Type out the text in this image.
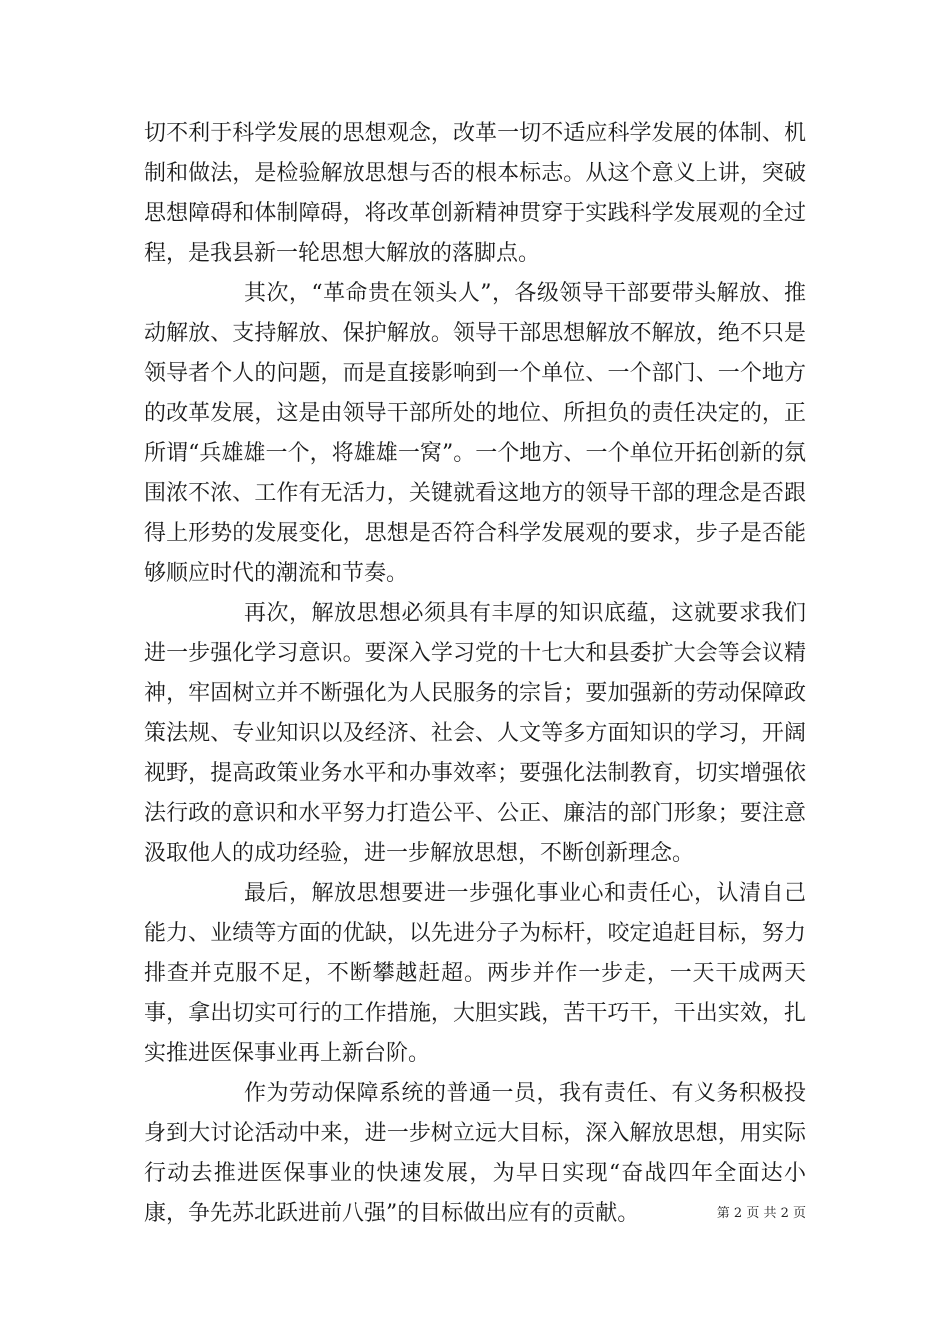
切不利于科学发展的思想观念，改革一切不适应科学发展的体制、机制和做法，是检验解放思想与否的根本标志。从这个意义上讲，突破思想障碍和体制障碍，将改革创新精神贯穿于实践科学发展观的全过程，是我县新一轮思想大解放的落脚点。

其次，“革命贵在领头人”，各级领导干部要带头解放、推动解放、支持解放、保护解放。领导干部思想解放不解放，绝不只是领导者个人的问题，而是直接影响到一个单位、一个部门、一个地方的改革发展，这是由领导干部所处的地位、所担负的责任决定的，正所谓“兵雄雄一个，将雄雄一窝”。一个地方、一个单位开拓创新的氛围浓不浓、工作有无活力，关键就看这地方的领导干部的理念是否跟得上形势的发展变化，思想是否符合科学发展观的要求，步子是否能够顺应时代的潮流和节奏。

再次，解放思想必须具有丰厚的知识底蕴，这就要求我们进一步强化学习意识。要深入学习党的十七大和县委扩大会等会议精神，牢固树立并不断强化为人民服务的宗旨；要加强新的劳动保障政策法规、专业知识以及经济、社会、人文等多方面知识的学习，开阔视野，提高政策业务水平和办事效率；要强化法制教育，切实增强依法行政的意识和水平努力打造公平、公正、廉洁的部门形象；要注意汲取他人的成功经验，进一步解放思想，不断创新理念。

最后，解放思想要进一步强化事业心和责任心，认清自己能力、业绩等方面的优缺，以先进分子为标杆，咬定追赶目标，努力排查并克服不足，不断攀越赶超。两步并作一步走，一天干成两天事，拿出切实可行的工作措施，大胆实践，苦干巧干，干出实效，扎实推进医保事业再上新台阶。

作为劳动保障系统的普通一员，我有责任、有义务积极投身到大讨论活动中来，进一步树立远大目标，深入解放思想，用实际行动去推进医保事业的快速发展，为早日实现“奋战四年全面达小康，争先苏北跃进前八强”的目标做出应有的贡献。	第 2 页 共 2 页
